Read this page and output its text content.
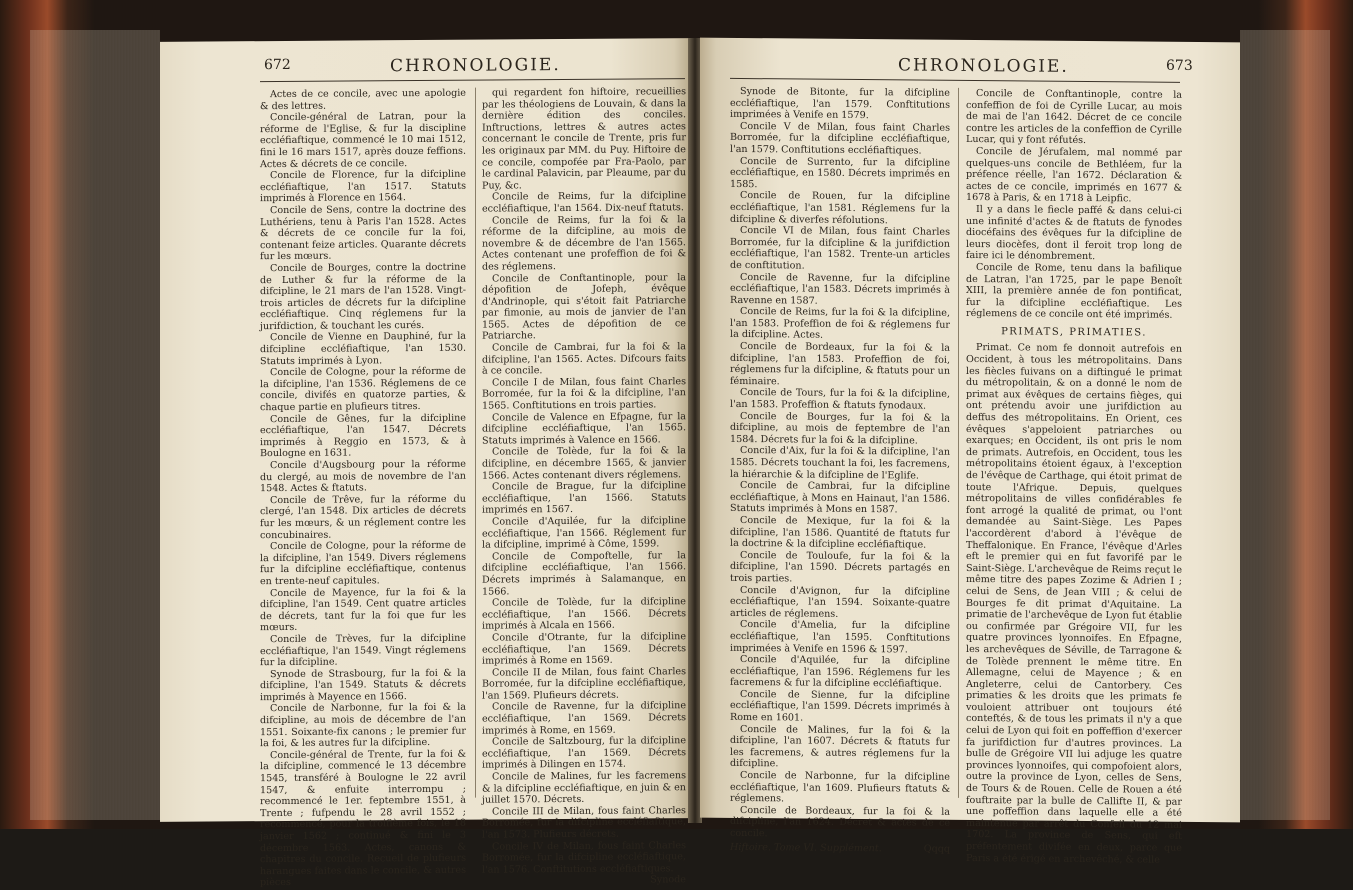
672	CHRONOLOGIE.

Actes de ce concile, avec une apologie & des lettres.

Concile-général de Latran, pour la réforme de l'Eglise, & fur la discipline eccléfiaftique, commencé le 10 mai 1512, fini le 16 mars 1517, après douze feffions. Actes & décrets de ce concile.

Concile de Florence, fur la difcipline eccléfiaftique, l'an 1517. Statuts imprimés à Florence en 1564.

Concile de Sens, contre la doctrine des Luthériens, tenu à Paris l'an 1528. Actes & décrets de ce concile fur la foi, contenant feize articles. Quarante décrets fur les mœurs.

Concile de Bourges, contre la doctrine de Luther & fur la réforme de la difcipline, le 21 mars de l'an 1528. Vingt-trois articles de décrets fur la difcipline eccléfiaftique. Cinq réglemens fur la jurifdiction, & touchant les curés.

Concile de Vienne en Dauphiné, fur la difcipline eccléfiaftique, l'an 1530. Statuts imprimés à Lyon.

Concile de Cologne, pour la réforme de la difcipline, l'an 1536. Réglemens de ce concile, divifés en quatorze parties, & chaque partie en plufieurs titres.

Concile de Gênes, fur la difcipline eccléfiaftique, l'an 1547. Décrets imprimés à Reggio en 1573, & à Boulogne en 1631.

Concile d'Augsbourg pour la réforme du clergé, au mois de novembre de l'an 1548. Actes & ftatuts.

Concile de Trêve, fur la réforme du clergé, l'an 1548. Dix articles de décrets fur les mœurs, & un réglement contre les concubinaires.

Concile de Cologne, pour la réforme de la difcipline, l'an 1549. Divers réglemens fur la difcipline eccléfiaftique, contenus en trente-neuf capitules.

Concile de Mayence, fur la foi & la difcipline, l'an 1549. Cent quatre articles de décrets, tant fur la foi que fur les mœurs.

Concile de Trèves, fur la difcipline eccléfiaftique, l'an 1549. Vingt réglemens fur la difcipline.

Synode de Strasbourg, fur la foi & la difcipline, l'an 1549. Statuts & décrets imprimés à Mayence en 1566.

Concile de Narbonne, fur la foi & la difcipline, au mois de décembre de l'an 1551. Soixante-fix canons ; le premier fur la foi, & les autres fur la difcipline.

Concile-général de Trente, fur la foi & la difcipline, commencé le 13 décembre 1545, transféré à Boulogne le 22 avril 1547, & enfuite interrompu ; recommencé le 1er. feptembre 1551, à Trente ; fufpendu le 28 avril 1552 ; recommencé, pour la troifième fois, le 18 janvier 1562 ; continué & fini le 3 décembre 1563. Actes, canons & chapitres du concile. Recueil de plufieurs harangues faites dans le concile, & autres pièces

qui regardent fon hiftoire, recueillies par les théologiens de Louvain, & dans la dernière édition des conciles. Inftructions, lettres & autres actes concernant le concile de Trente, pris fur les originaux par MM. du Puy. Hiftoire de ce concile, compofée par Fra-Paolo, par le cardinal Palavicin, par Pleaume, par du Puy, &c.

Concile de Reims, fur la difcipline eccléfiaftique, l'an 1564. Dix-neuf ftatuts.

Concile de Reims, fur la foi & la réforme de la difcipline, au mois de novembre & de décembre de l'an 1565. Actes contenant une profeffion de foi & des réglemens.

Concile de Conftantinople, pour la dépofition de Jofeph, évêque d'Andrinople, qui s'étoit fait Patriarche par fimonie, au mois de janvier de l'an 1565. Actes de dépofition de ce Patriarche.

Concile de Cambrai, fur la foi & la difcipline, l'an 1565. Actes. Difcours faits à ce concile.

Concile I de Milan, fous faint Charles Borromée, fur la foi & la difcipline, l'an 1565. Conftitutions en trois parties.

Concile de Valence en Efpagne, fur la difcipline eccléfiaftique, l'an 1565. Statuts imprimés à Valence en 1566.

Concile de Tolède, fur la foi & la difcipline, en décembre 1565, & janvier 1566. Actes contenant divers réglemens.

Concile de Brague, fur la difcipline eccléfiaftique, l'an 1566. Statuts imprimés en 1567.

Concile d'Aquilée, fur la difcipline eccléfiaftique, l'an 1566. Réglement fur la difcipline, imprimé à Côme, 1599.

Concile de Compoftelle, fur la difcipline eccléfiaftique, l'an 1566. Décrets imprimés à Salamanque, en 1566.

Concile de Tolède, fur la difcipline eccléfiaftique, l'an 1566. Décrets imprimés à Alcala en 1566.

Concile d'Otrante, fur la difcipline eccléfiaftique, l'an 1569. Décrets imprimés à Rome en 1569.

Concile II de Milan, fous faint Charles Borromée, fur la difcipline eccléfiaftique, l'an 1569. Plufieurs décrets.

Concile de Ravenne, fur la difcipline eccléfiaftique, l'an 1569. Décrets imprimés à Rome, en 1569.

Concile de Saltzbourg, fur la difcipline eccléfiaftique, l'an 1569. Décrets imprimés à Dilingen en 1574.

Concile de Malines, fur les facremens & la difcipline eccléfiaftique, en juin & en juillet 1570. Décrets.

Concile III de Milan, fous faint Charles Borromée, fur la difcipline eccléfiaftique, l'an 1573. Plufieurs décrets.

Concile IV de Milan, fous faint Charles Borromée, fur la difcipline eccléfiaftique, l'an 1576. Conftitutions eccléfiaftiques.

Synode

CHRONOLOGIE.	673

Synode de Bitonte, fur la difcipline eccléfiaftique, l'an 1579. Conftitutions imprimées à Venife en 1579.

Concile V de Milan, fous faint Charles Borromée, fur la difcipline eccléfiaftique, l'an 1579. Conftitutions eccléfiaftiques.

Concile de Surrento, fur la difcipline eccléfiaftique, en 1580. Décrets imprimés en 1585.

Concile de Rouen, fur la difcipline eccléfiaftique, l'an 1581. Réglemens fur la difcipline & diverfes réfolutions.

Concile VI de Milan, fous faint Charles Borromée, fur la difcipline & la jurifdiction eccléfiaftique, l'an 1582. Trente-un articles de conftitution.

Concile de Ravenne, fur la difcipline eccléfiaftique, l'an 1583. Décrets imprimés à Ravenne en 1587.

Concile de Reims, fur la foi & la difcipline, l'an 1583. Profeffion de foi & réglemens fur la difcipline. Actes.

Concile de Bordeaux, fur la foi & la difcipline, l'an 1583. Profeffion de foi, réglemens fur la difcipline, & ftatuts pour un féminaire.

Concile de Tours, fur la foi & la difcipline, l'an 1583. Profeffion & ftatuts fynodaux.

Concile de Bourges, fur la foi & la difcipline, au mois de feptembre de l'an 1584. Décrets fur la foi & la difcipline.

Concile d'Aix, fur la foi & la difcipline, l'an 1585. Décrets touchant la foi, les facremens, la hiérarchie & la difcipline de l'Eglife.

Concile de Cambrai, fur la difcipline eccléfiaftique, à Mons en Hainaut, l'an 1586. Statuts imprimés à Mons en 1587.

Concile de Mexique, fur la foi & la difcipline, l'an 1586. Quantité de ftatuts fur la doctrine & la difcipline eccléfiaftique.

Concile de Touloufe, fur la foi & la difcipline, l'an 1590. Décrets partagés en trois parties.

Concile d'Avignon, fur la difcipline eccléfiaftique, l'an 1594. Soixante-quatre articles de réglemens.

Concile d'Amelia, fur la difcipline eccléfiaftique, l'an 1595. Conftitutions imprimées à Venife en 1596 & 1597.

Concile d'Aquilée, fur la difcipline eccléfiaftique, l'an 1596. Réglemens fur les facremens & fur la difcipline eccléfiaftique.

Concile de Sienne, fur la difcipline eccléfiaftique, l'an 1599. Décrets imprimés à Rome en 1601.

Concile de Malines, fur la foi & la difcipline, l'an 1607. Décrets & ftatuts fur les facremens, & autres réglemens fur la difcipline.

Concile de Narbonne, fur la difcipline eccléfiaftique, l'an 1609. Plufieurs ftatuts & réglemens.

Concile de Bordeaux, fur la foi & la difcipline, l'an 1624. Décret & actes de ce concile.

Hiftoire. Tome VI. Supplément.	Qqqq

Concile de Conftantinople, contre la confeffion de foi de Cyrille Lucar, au mois de mai de l'an 1642. Décret de ce concile contre les articles de la confeffion de Cyrille Lucar, qui y font réfutés.

Concile de Jérufalem, mal nommé par quelques-uns concile de Bethléem, fur la préfence réelle, l'an 1672. Déclaration & actes de ce concile, imprimés en 1677 & 1678 à Paris, & en 1718 à Leipfic.

Il y a dans le fiecle paffé & dans celui-ci une infinité d'actes & de ftatuts de fynodes diocéfains des évêques fur la difcipline de leurs diocèfes, dont il feroit trop long de faire ici le dénombrement.

Concile de Rome, tenu dans la bafilique de Latran, l'an 1725, par le pape Benoît XIII, la première année de fon pontificat, fur la difcipline eccléfiaftique. Les réglemens de ce concile ont été imprimés.

PRIMATS, PRIMATIES.

Primat. Ce nom fe donnoit autrefois en Occident, à tous les métropolitains. Dans les fiècles fuivans on a diftingué le primat du métropolitain, & on a donné le nom de primat aux évêques de certains fièges, qui ont prétendu avoir une jurifdiction au deffus des métropolitains. En Orient, ces évêques s'appeloient patriarches ou exarques; en Occident, ils ont pris le nom de primats. Autrefois, en Occident, tous les métropolitains étoient égaux, à l'exception de l'évêque de Carthage, qui étoit primat de toute l'Afrique. Depuis, quelques métropolitains de villes confidérables fe font arrogé la qualité de primat, ou l'ont demandée au Saint-Siège. Les Papes l'accordèrent d'abord à l'évêque de Theffalonique. En France, l'évêque d'Arles eft le premier qui en fut favorifé par le Saint-Siège. L'archevêque de Reims reçut le même titre des papes Zozime & Adrien I ; celui de Sens, de Jean VIII ; & celui de Bourges fe dit primat d'Aquitaine. La primatie de l'archevêque de Lyon fut établie ou confirmée par Grégoire VII, fur les quatre provinces lyonnoifes. En Efpagne, les archevêques de Séville, de Tarragone & de Tolède prennent le même titre. En Allemagne, celui de Mayence ; & en Angleterre, celui de Cantorbery. Ces primaties & les droits que les primats fe vouloient attribuer ont toujours été conteftés, & de tous les primats il n'y a que celui de Lyon qui foit en poffeffion d'exercer fa jurifdiction fur d'autres provinces. La bulle de Grégoire VII lui adjuge les quatre provinces lyonnoifes, qui compofoient alors, outre la province de Lyon, celles de Sens, de Tours & de Rouen. Celle de Rouen a été fouftraite par la bulle de Callifte II, & par une poffeffion dans laquelle elle a été maintenue par arrêt du Confeil du 12 mai 1702. La province de Sens, qui eft préfentement divifée en deux, parce que Paris a été érigé en archevêché, & celle
